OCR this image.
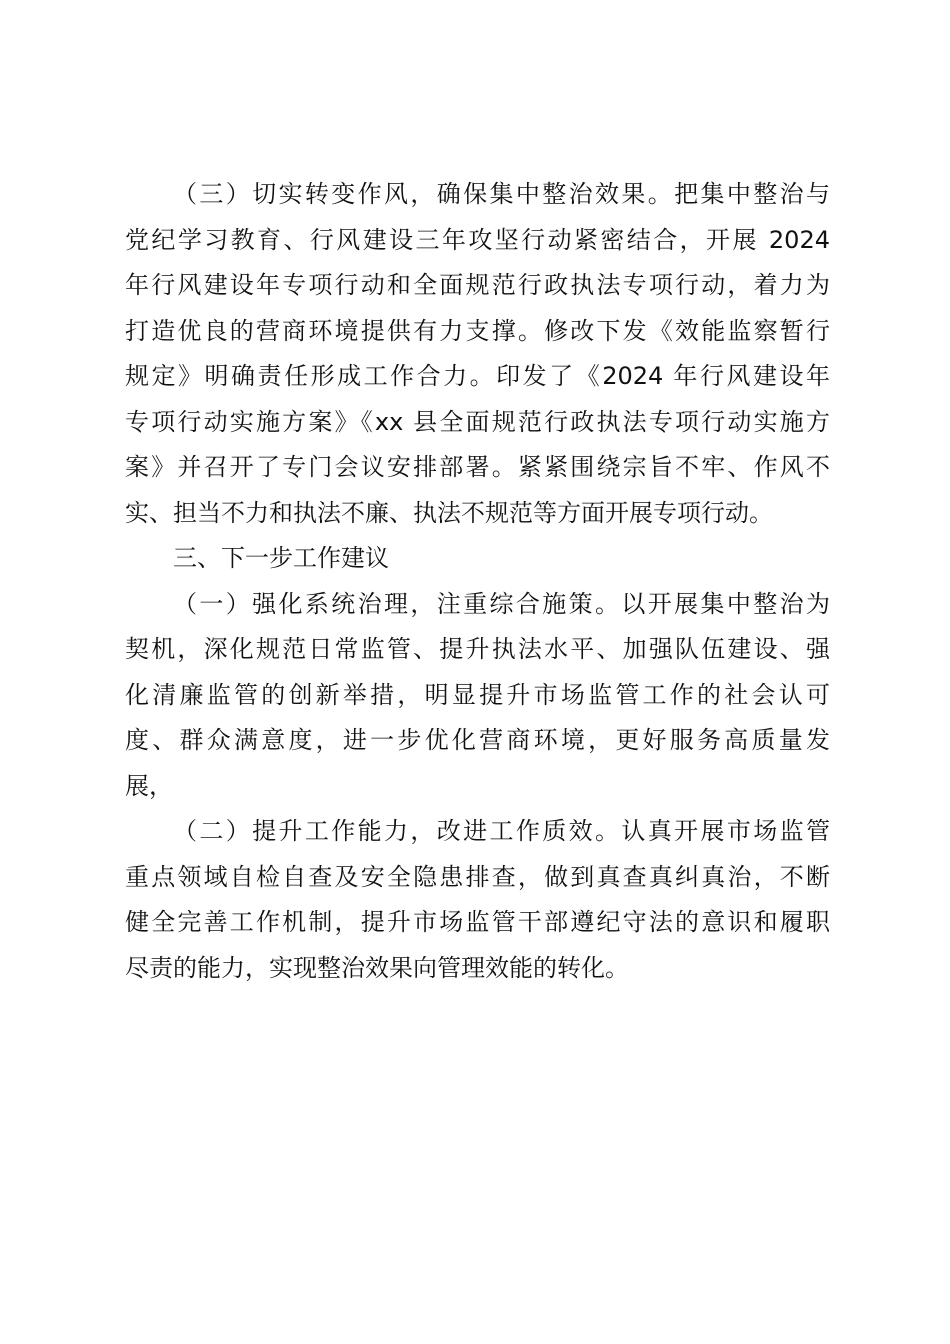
（三）切实转变作风，确保集中整治效果。把集中整治与
党纪学习教育、行风建设三年攻坚行动紧密结合，开展 2024
年行风建设年专项行动和全面规范行政执法专项行动，着力为
打造优良的营商环境提供有力支撑。修改下发《效能监察暂行
规定》明确责任形成工作合力。印发了《2024 年行风建设年
专项行动实施方案》《xx 县全面规范行政执法专项行动实施方
案》并召开了专门会议安排部署。紧紧围绕宗旨不牢、作风不
实、担当不力和执法不廉、执法不规范等方面开展专项行动。
三、下一步工作建议
（一）强化系统治理，注重综合施策。以开展集中整治为
契机，深化规范日常监管、提升执法水平、加强队伍建设、强
化清廉监管的创新举措，明显提升市场监管工作的社会认可
度、群众满意度，进一步优化营商环境，更好服务高质量发
展，
（二）提升工作能力，改进工作质效。认真开展市场监管
重点领域自检自查及安全隐患排查，做到真查真纠真治，不断
健全完善工作机制，提升市场监管干部遵纪守法的意识和履职
尽责的能力，实现整治效果向管理效能的转化。
